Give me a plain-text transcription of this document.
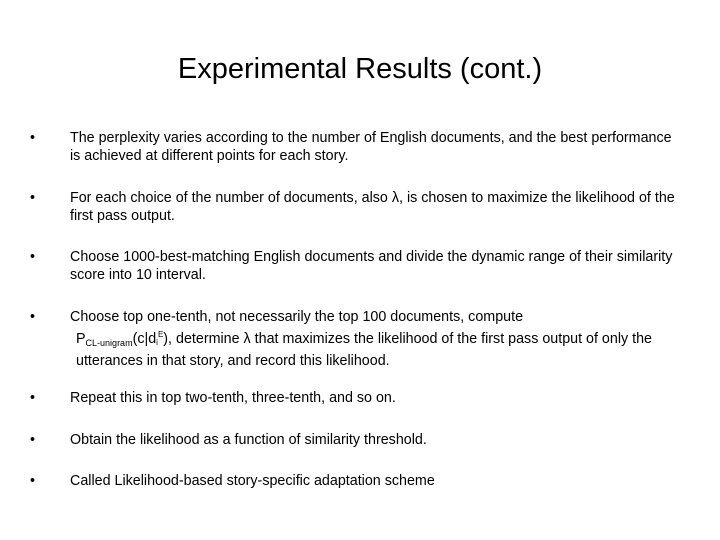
Experimental Results (cont.)
•	The perplexity varies according to the number of English documents, and the best performance is achieved at different points for each story.
•	For each choice of the number of documents, also λ, is chosen to maximize the likelihood of the first pass output.
•	Choose 1000-best-matching English documents and divide the dynamic range of their similarity score into 10 interval.
•	Choose top one-tenth, not necessarily the top 100 documents, compute
$P_{CL-unigram}(c|di^E)$, determine λ that maximizes the likelihood of the first pass output of only the utterances in that story, and record this likelihood.
•	Repeat this in top two-tenth, three-tenth, and so on.
•	Obtain the likelihood as a function of similarity threshold.
•	Called Likelihood-based story-specific adaptation scheme
